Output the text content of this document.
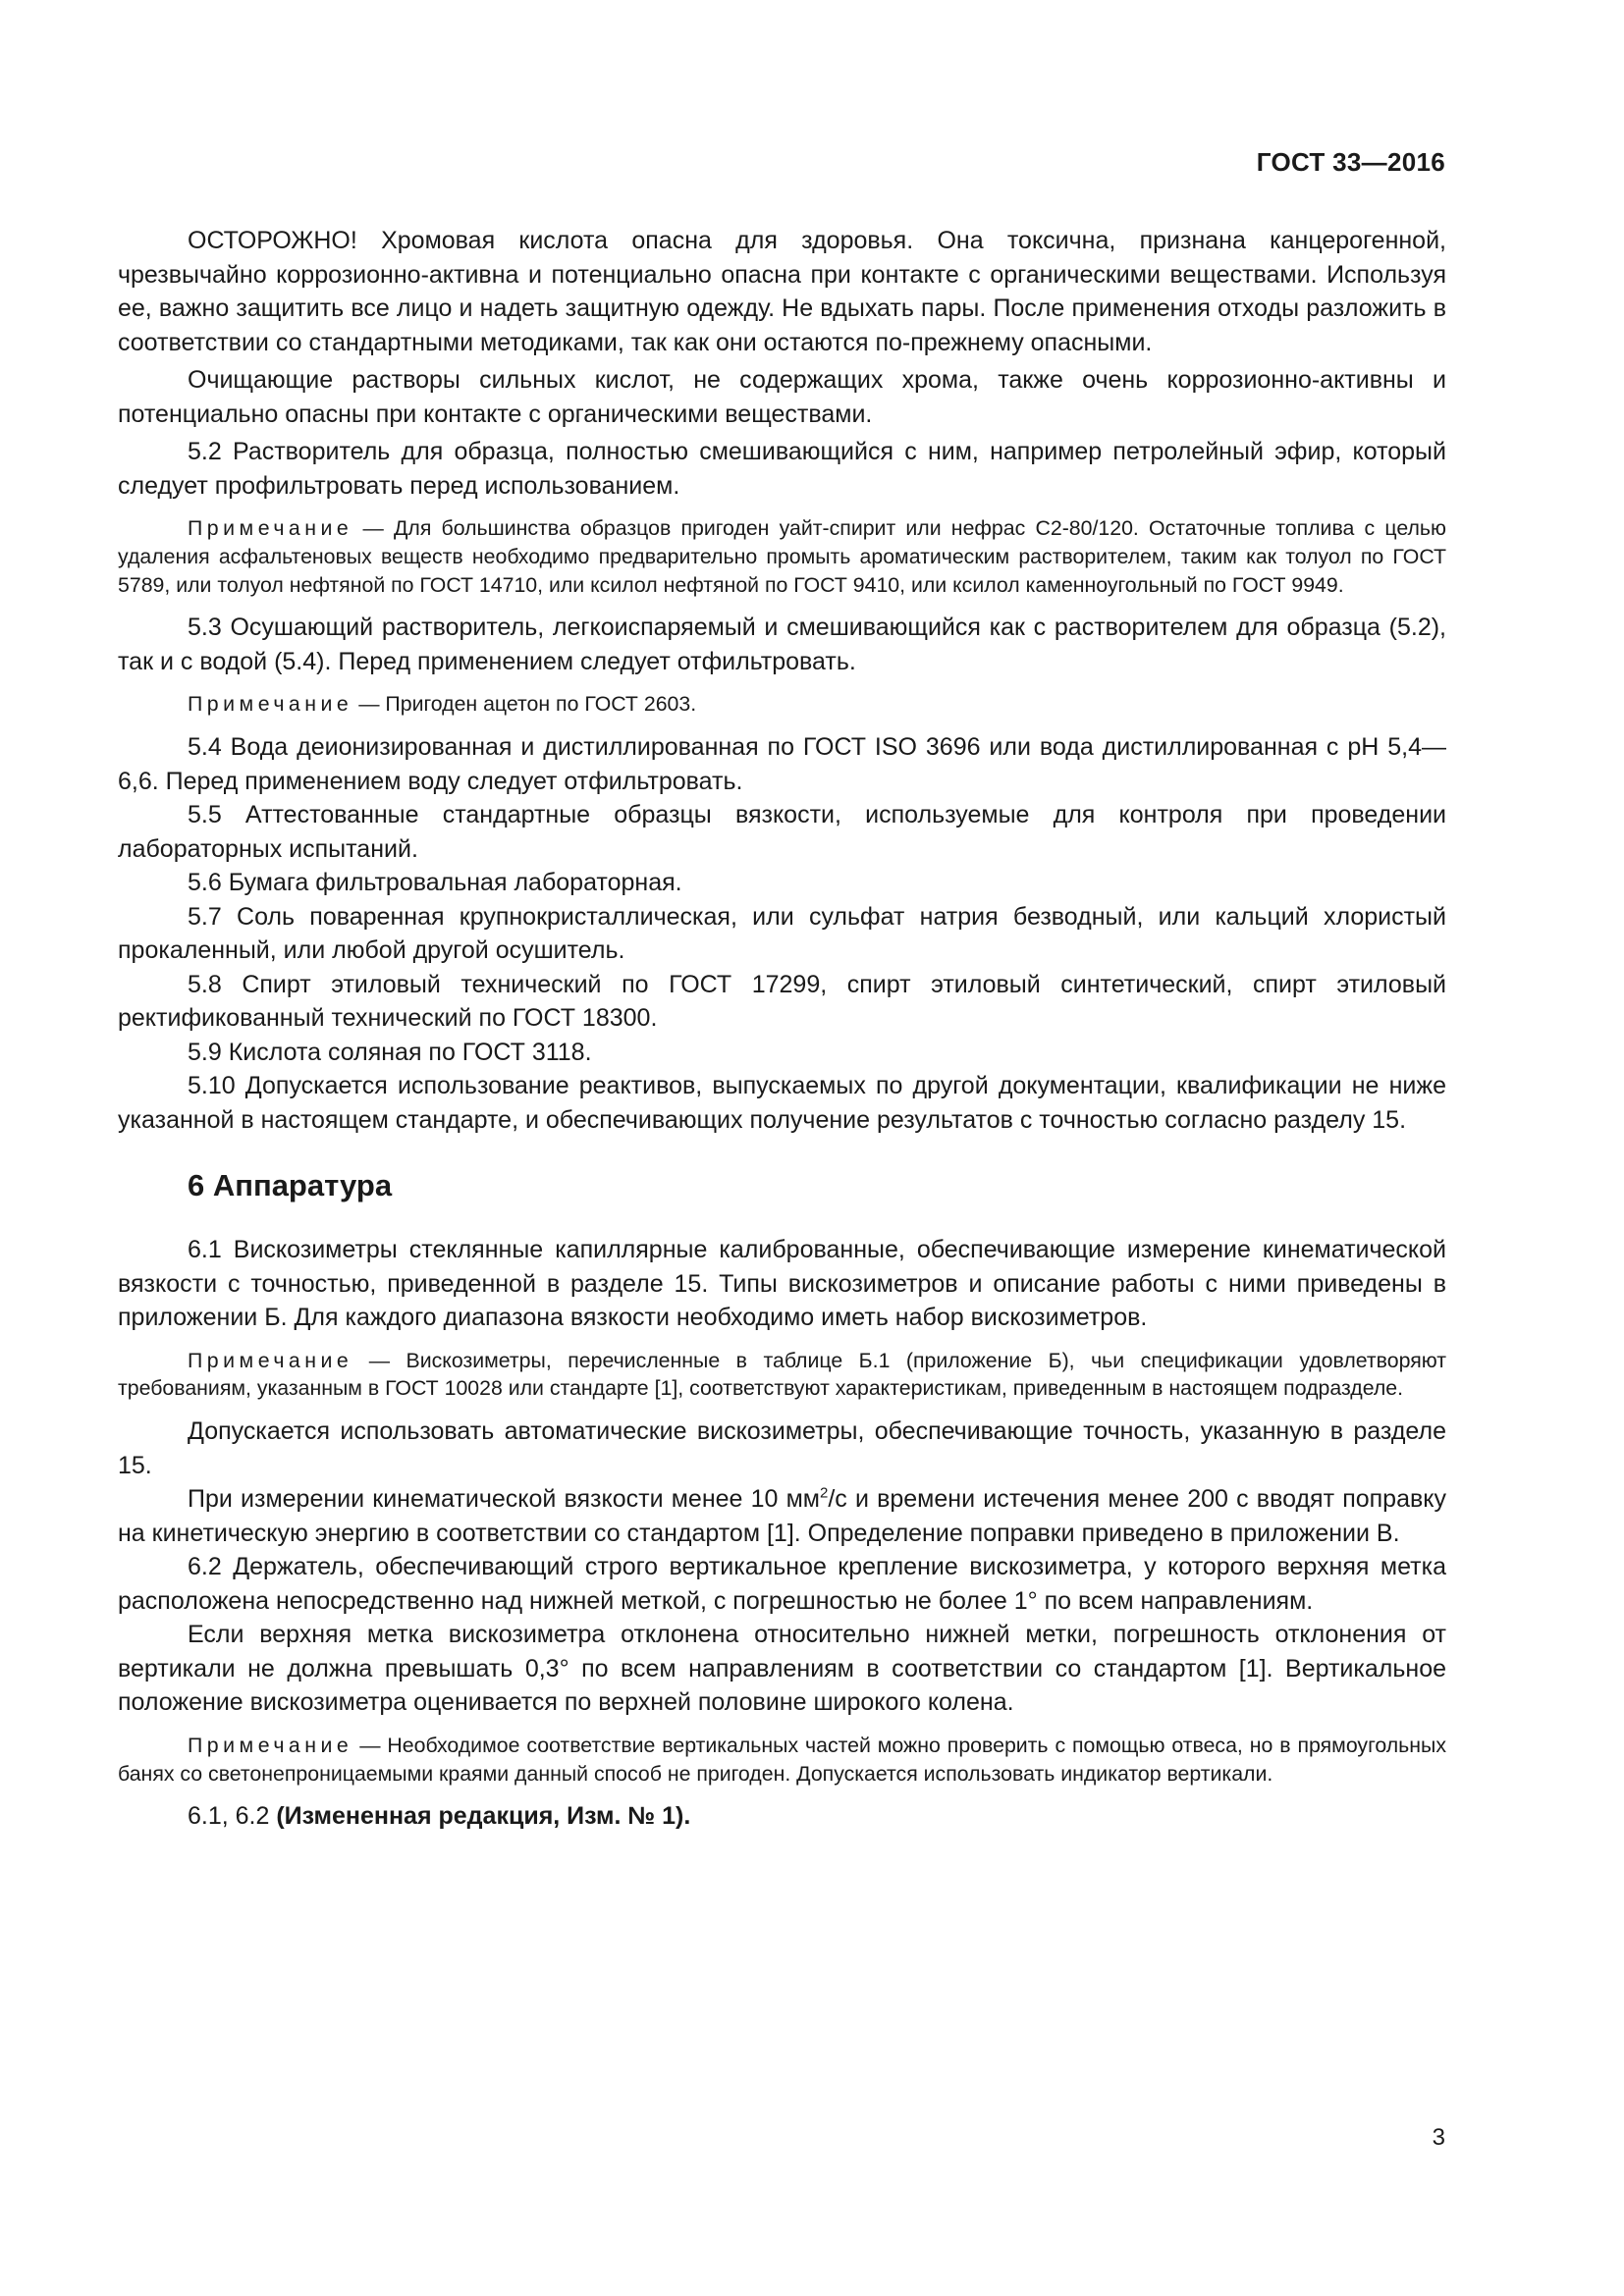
ГОСТ 33—2016

ОСТОРОЖНО! Хромовая кислота опасна для здоровья. Она токсична, признана канцерогенной, чрезвычайно коррозионно-активна и потенциально опасна при контакте с органическими веществами. Используя ее, важно защитить все лицо и надеть защитную одежду. Не вдыхать пары. После применения отходы разложить в соответствии со стандартными методиками, так как они остаются по-прежнему опасными.

Очищающие растворы сильных кислот, не содержащих хрома, также очень коррозионно-активны и потенциально опасны при контакте с органическими веществами.

5.2 Растворитель для образца, полностью смешивающийся с ним, например петролейный эфир, который следует профильтровать перед использованием.

Примечание — Для большинства образцов пригоден уайт-спирит или нефрас С2-80/120. Остаточные топлива с целью удаления асфальтеновых веществ необходимо предварительно промыть ароматическим растворителем, таким как толуол по ГОСТ 5789, или толуол нефтяной по ГОСТ 14710, или ксилол нефтяной по ГОСТ 9410, или ксилол каменноугольный по ГОСТ 9949.

5.3 Осушающий растворитель, легкоиспаряемый и смешивающийся как с растворителем для образца (5.2), так и с водой (5.4). Перед применением следует отфильтровать.

Примечание — Пригоден ацетон по ГОСТ 2603.

5.4 Вода деионизированная и дистиллированная по ГОСТ ISO 3696 или вода дистиллированная с pH 5,4—6,6. Перед применением воду следует отфильтровать.

5.5 Аттестованные стандартные образцы вязкости, используемые для контроля при проведении лабораторных испытаний.

5.6 Бумага фильтровальная лабораторная.

5.7 Соль поваренная крупнокристаллическая, или сульфат натрия безводный, или кальций хлористый прокаленный, или любой другой осушитель.

5.8 Спирт этиловый технический по ГОСТ 17299, спирт этиловый синтетический, спирт этиловый ректификованный технический по ГОСТ 18300.

5.9 Кислота соляная по ГОСТ 3118.

5.10 Допускается использование реактивов, выпускаемых по другой документации, квалификации не ниже указанной в настоящем стандарте, и обеспечивающих получение результатов с точностью согласно разделу 15.

6 Аппаратура

6.1 Вискозиметры стеклянные капиллярные калиброванные, обеспечивающие измерение кинематической вязкости с точностью, приведенной в разделе 15. Типы вискозиметров и описание работы с ними приведены в приложении Б. Для каждого диапазона вязкости необходимо иметь набор вискозиметров.

Примечание — Вискозиметры, перечисленные в таблице Б.1 (приложение Б), чьи спецификации удовлетворяют требованиям, указанным в ГОСТ 10028 или стандарте [1], соответствуют характеристикам, приведенным в настоящем подразделе.

Допускается использовать автоматические вискозиметры, обеспечивающие точность, указанную в разделе 15.

При измерении кинематической вязкости менее 10 $мм^2/с$ и времени истечения менее 200 с вводят поправку на кинетическую энергию в соответствии со стандартом [1]. Определение поправки приведено в приложении В.

6.2 Держатель, обеспечивающий строго вертикальное крепление вискозиметра, у которого верхняя метка расположена непосредственно над нижней меткой, с погрешностью не более 1° по всем направлениям.

Если верхняя метка вискозиметра отклонена относительно нижней метки, погрешность отклонения от вертикали не должна превышать 0,3° по всем направлениям в соответствии со стандартом [1]. Вертикальное положение вискозиметра оценивается по верхней половине широкого колена.

Примечание — Необходимое соответствие вертикальных частей можно проверить с помощью отвеса, но в прямоугольных банях со светонепроницаемыми краями данный способ не пригоден. Допускается использовать индикатор вертикали.

6.1, 6.2 (Измененная редакция, Изм. № 1).

3
